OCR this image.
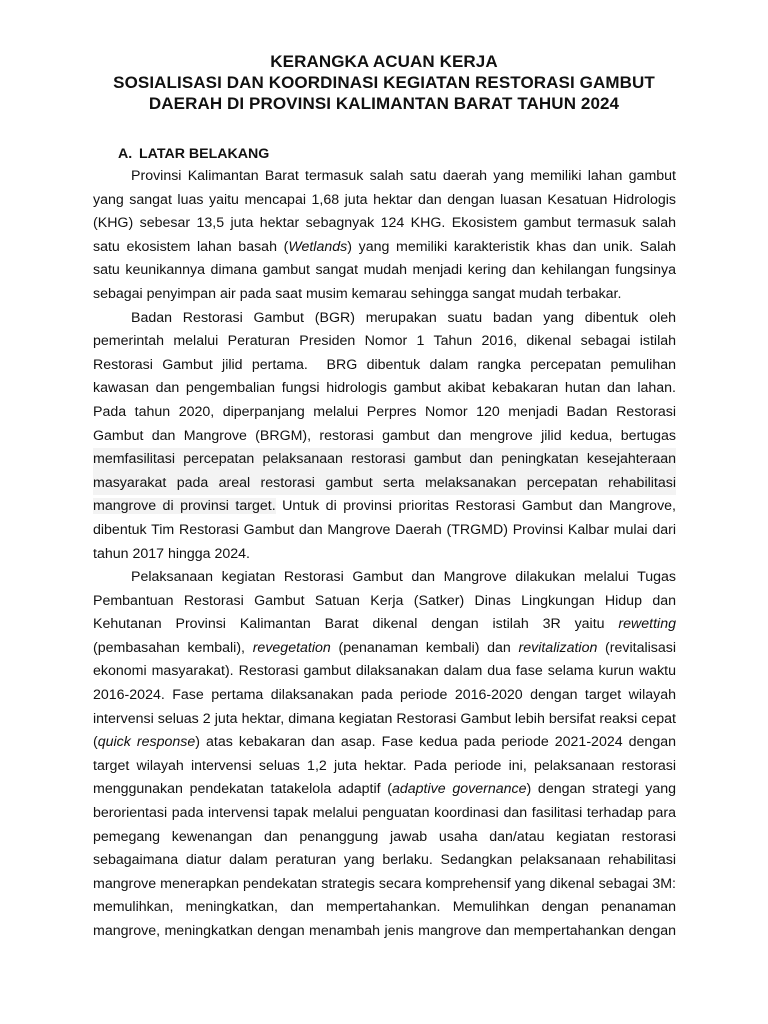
KERANGKA ACUAN KERJA
SOSIALISASI DAN KOORDINASI KEGIATAN RESTORASI GAMBUT
DAERAH DI PROVINSI KALIMANTAN BARAT TAHUN 2024
A. LATAR BELAKANG
Provinsi Kalimantan Barat termasuk salah satu daerah yang memiliki lahan gambut
yang sangat luas yaitu mencapai 1,68 juta hektar dan dengan luasan Kesatuan Hidrologis
(KHG) sebesar 13,5 juta hektar sebagnyak 124 KHG. Ekosistem gambut termasuk salah
satu ekosistem lahan basah (Wetlands) yang memiliki karakteristik khas dan unik. Salah
satu keunikannya dimana gambut sangat mudah menjadi kering dan kehilangan fungsinya
sebagai penyimpan air pada saat musim kemarau sehingga sangat mudah terbakar.
Badan Restorasi Gambut (BGR) merupakan suatu badan yang dibentuk oleh
pemerintah melalui Peraturan Presiden Nomor 1 Tahun 2016, dikenal sebagai istilah
Restorasi Gambut jilid pertama.  BRG dibentuk dalam rangka percepatan pemulihan
kawasan dan pengembalian fungsi hidrologis gambut akibat kebakaran hutan dan lahan.
Pada tahun 2020, diperpanjang melalui Perpres Nomor 120 menjadi Badan Restorasi
Gambut dan Mangrove (BRGM), restorasi gambut dan mengrove jilid kedua, bertugas
memfasilitasi percepatan pelaksanaan restorasi gambut dan peningkatan kesejahteraan
masyarakat pada areal restorasi gambut serta melaksanakan percepatan rehabilitasi
mangrove di provinsi target. Untuk di provinsi prioritas Restorasi Gambut dan Mangrove,
dibentuk Tim Restorasi Gambut dan Mangrove Daerah (TRGMD) Provinsi Kalbar mulai dari
tahun 2017 hingga 2024.
Pelaksanaan kegiatan Restorasi Gambut dan Mangrove dilakukan melalui Tugas
Pembantuan Restorasi Gambut Satuan Kerja (Satker) Dinas Lingkungan Hidup dan
Kehutanan Provinsi Kalimantan Barat dikenal dengan istilah 3R yaitu rewetting
(pembasahan kembali), revegetation (penanaman kembali) dan revitalization (revitalisasi
ekonomi masyarakat). Restorasi gambut dilaksanakan dalam dua fase selama kurun waktu
2016-2024. Fase pertama dilaksanakan pada periode 2016-2020 dengan target wilayah
intervensi seluas 2 juta hektar, dimana kegiatan Restorasi Gambut lebih bersifat reaksi cepat
(quick response) atas kebakaran dan asap. Fase kedua pada periode 2021-2024 dengan
target wilayah intervensi seluas 1,2 juta hektar. Pada periode ini, pelaksanaan restorasi
menggunakan pendekatan tatakelola adaptif (adaptive governance) dengan strategi yang
berorientasi pada intervensi tapak melalui penguatan koordinasi dan fasilitasi terhadap para
pemegang kewenangan dan penanggung jawab usaha dan/atau kegiatan restorasi
sebagaimana diatur dalam peraturan yang berlaku. Sedangkan pelaksanaan rehabilitasi
mangrove menerapkan pendekatan strategis secara komprehensif yang dikenal sebagai 3M:
memulihkan, meningkatkan, dan mempertahankan. Memulihkan dengan penanaman
mangrove, meningkatkan dengan menambah jenis mangrove dan mempertahankan dengan
